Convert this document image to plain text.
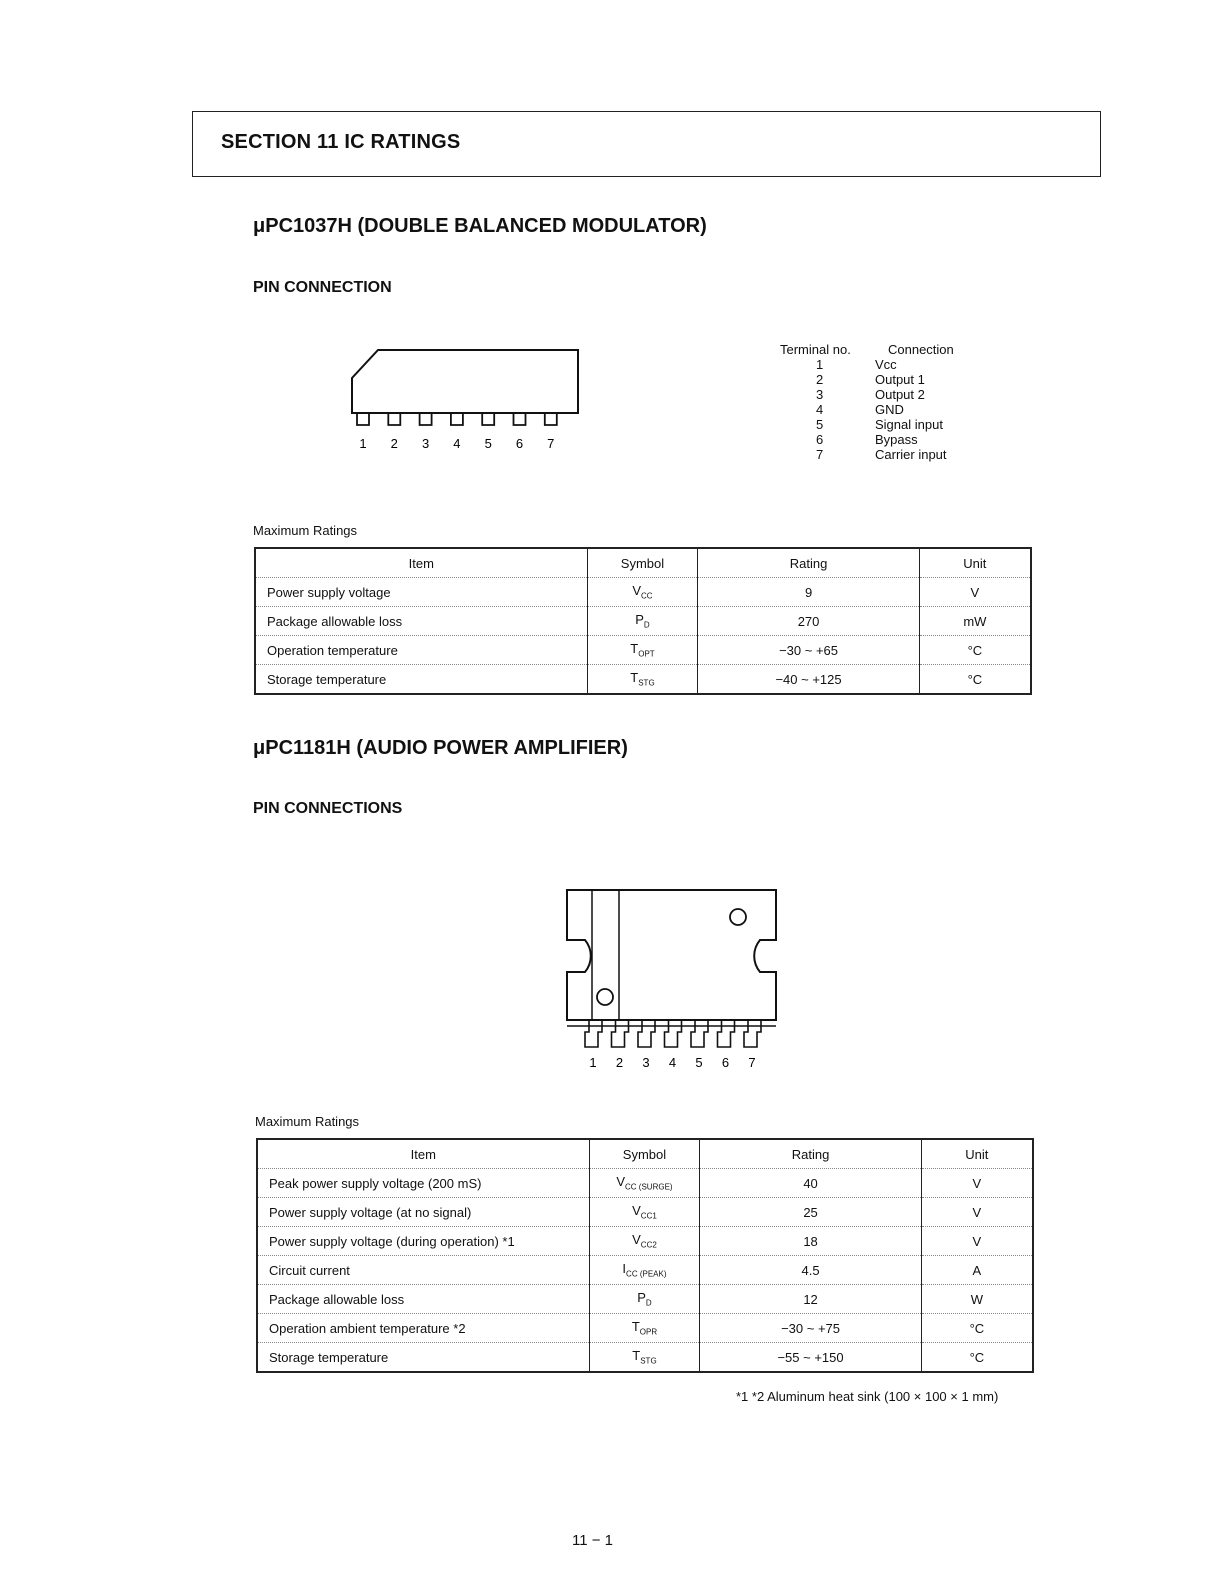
SECTION 11 IC RATINGS
μPC1037H (DOUBLE BALANCED MODULATOR)
PIN CONNECTION
1 2 3 4 5 6 7
Terminal no.	Connection
1	Vcc
2	Output 1
3	Output 2
4	GND
5	Signal input
6	Bypass
7	Carrier input
Maximum Ratings
Item	Symbol	Rating	Unit
Power supply voltage	$V_{CC}$	9	V
Package allowable loss	$P_D$	270	mW
Operation temperature	$T_{OPT}$	−30 ~ +65	°C
Storage temperature	$T_{STG}$	−40 ~ +125	°C
μPC1181H (AUDIO POWER AMPLIFIER)
PIN CONNECTIONS
1 2 3 4 5 6 7
Maximum Ratings
Item	Symbol	Rating	Unit
Peak power supply voltage (200 mS)	$V_{CC (SURGE)}$	40	V
Power supply voltage (at no signal)	$V_{CC1}$	25	V
Power supply voltage (during operation) *1	$V_{CC2}$	18	V
Circuit current	$I_{CC (PEAK)}$	4.5	A
Package allowable loss	$P_D$	12	W
Operation ambient temperature *2	$T_{OPR}$	−30 ~ +75	°C
Storage temperature	$T_{STG}$	−55 ~ +150	°C
*1 *2 Aluminum heat sink (100 × 100 × 1 mm)
11 − 1
